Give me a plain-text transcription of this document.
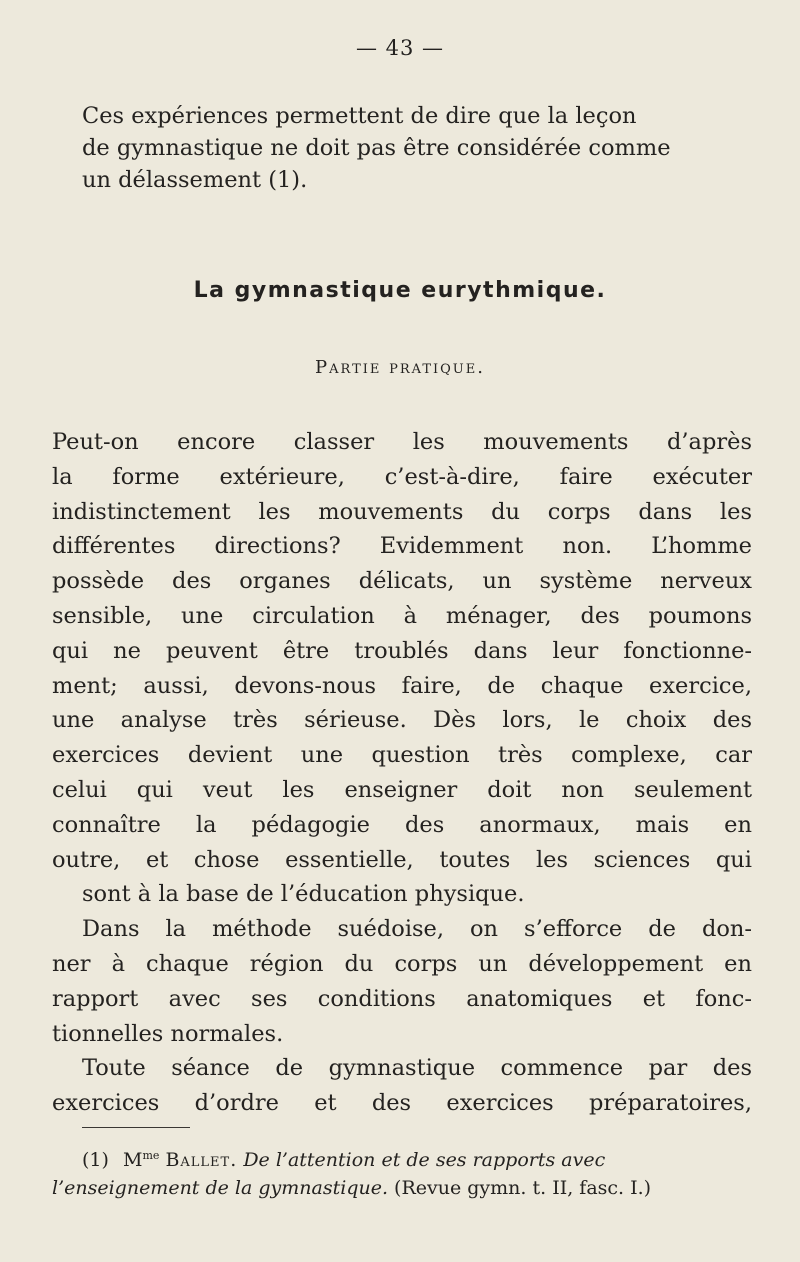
— 43 —

Ces expériences permettent de dire que la leçon
de gymnastique ne doit pas être considérée comme
un délassement (1).

La gymnastique eurythmique.
Partie pratique.
Peut-on encore classer les mouvements d’après
la forme extérieure, c’est-à-dire, faire exécuter
indistinctement les mouvements du corps dans les
différentes directions? Evidemment non. L’homme
possède des organes délicats, un système nerveux
sensible, une circulation à ménager, des poumons
qui ne peuvent être troublés dans leur fonctionne-
ment; aussi, devons-nous faire, de chaque exercice,
une analyse très sérieuse. Dès lors, le choix des
exercices devient une question très complexe, car
celui qui veut les enseigner doit non seulement
connaître la pédagogie des anormaux, mais en
outre, et chose essentielle, toutes les sciences qui
sont à la base de l’éducation physique.
Dans la méthode suédoise, on s’efforce de don-
ner à chaque région du corps un développement en
rapport avec ses conditions anatomiques et fonc-
tionnelles normales.
Toute séance de gymnastique commence par des
exercices d’ordre et des exercices préparatoires,
(1) $M^{me}$ Ballet. De l’attention et de ses rapports avec
l’enseignement de la gymnastique. (Revue gymn. t. II, fasc. I.)
